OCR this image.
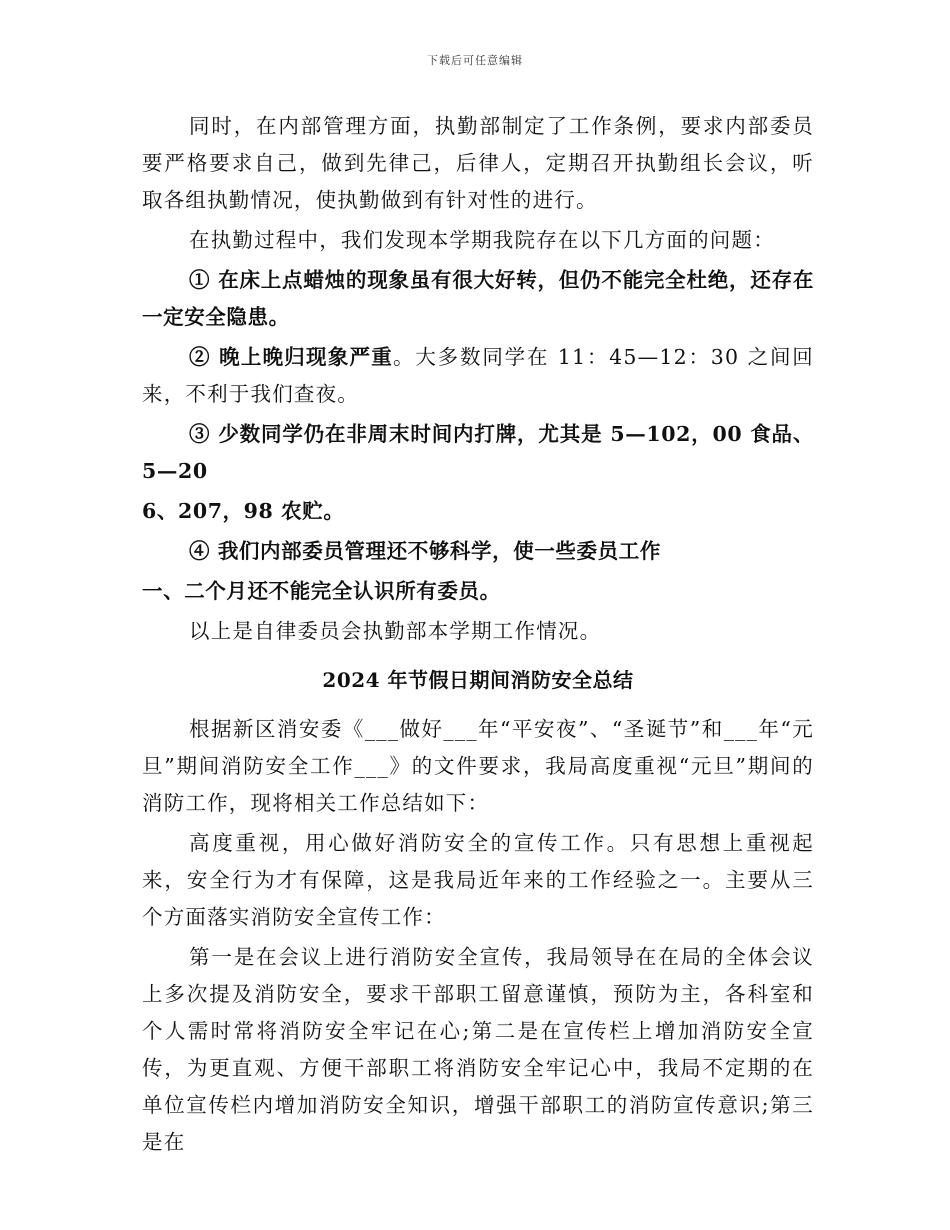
下载后可任意编辑

同时，在内部管理方面，执勤部制定了工作条例，要求内部委员要严格要求自己，做到先律己，后律人，定期召开执勤组长会议，听取各组执勤情况，使执勤做到有针对性的进行。

在执勤过程中，我们发现本学期我院存在以下几方面的问题：

① 在床上点蜡烛的现象虽有很大好转，但仍不能完全杜绝，还存在一定安全隐患。

② 晚上晚归现象严重。大多数同学在 11：45—12：30 之间回来，不利于我们查夜。

③ 少数同学仍在非周末时间内打牌，尤其是 5—102，00 食品、5—20

6、207，98 农贮。

④ 我们内部委员管理还不够科学，使一些委员工作

一、二个月还不能完全认识所有委员。

以上是自律委员会执勤部本学期工作情况。

2024 年节假日期间消防安全总结

根据新区消安委《___做好___年“平安夜”、“圣诞节”和___年“元旦”期间消防安全工作___》的文件要求，我局高度重视“元旦”期间的消防工作，现将相关工作总结如下：

高度重视，用心做好消防安全的宣传工作。只有思想上重视起来，安全行为才有保障，这是我局近年来的工作经验之一。主要从三个方面落实消防安全宣传工作：

第一是在会议上进行消防安全宣传，我局领导在在局的全体会议上多次提及消防安全，要求干部职工留意谨慎，预防为主，各科室和个人需时常将消防安全牢记在心;第二是在宣传栏上增加消防安全宣传，为更直观、方便干部职工将消防安全牢记心中，我局不定期的在单位宣传栏内增加消防安全知识，增强干部职工的消防宣传意识;第三是在
